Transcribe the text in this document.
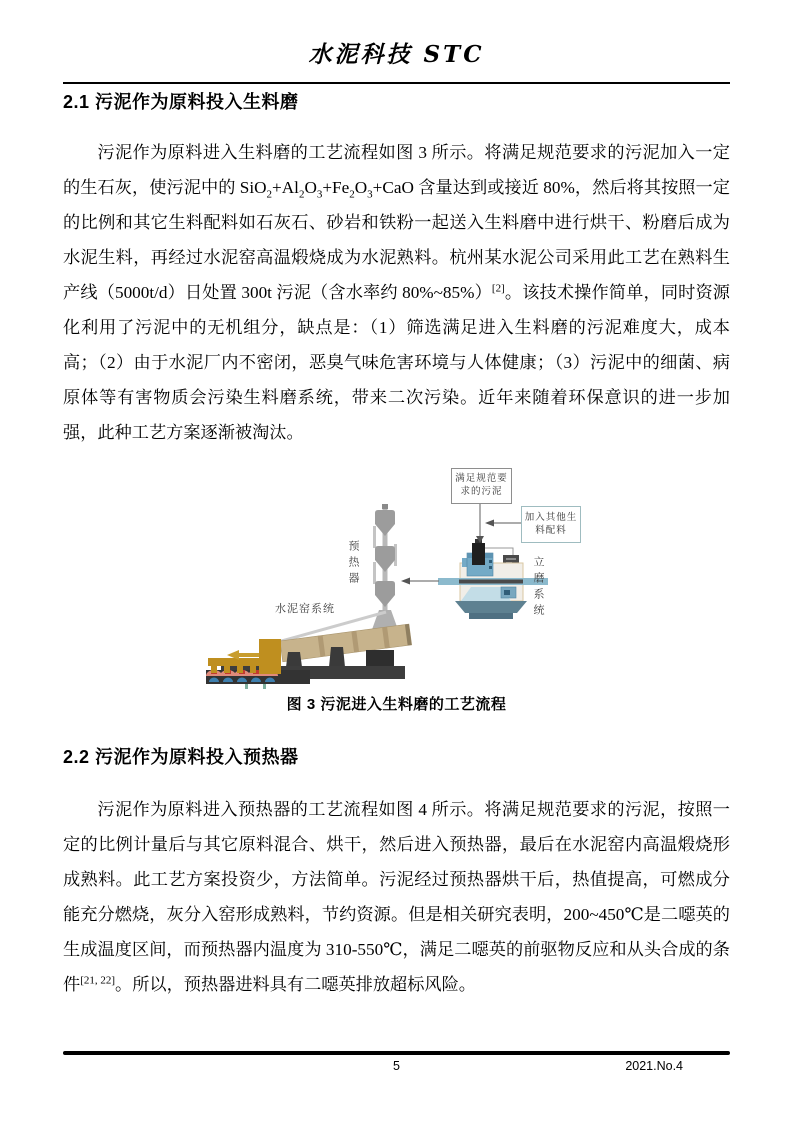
水泥科技 STC
2.1 污泥作为原料投入生料磨

污泥作为原料进入生料磨的工艺流程如图 3 所示。将满足规范要求的污泥加入一定的生石灰，使污泥中的 $SiO_2+Al_2O_3+Fe_2O_3+CaO$ 含量达到或接近 80%，然后将其按照一定的比例和其它生料配料如石灰石、砂岩和铁粉一起送入生料磨中进行烘干、粉磨后成为水泥生料，再经过水泥窑高温煅烧成为水泥熟料。杭州某水泥公司采用此工艺在熟料生产线（5000t/d）日处置 300t 污泥（含水率约 80%~85%）[2]。该技术操作简单，同时资源化利用了污泥中的无机组分，缺点是：（1）筛选满足进入生料磨的污泥难度大，成本高；（2）由于水泥厂内不密闭，恶臭气味危害环境与人体健康；（3）污泥中的细菌、病原体等有害物质会污染生料磨系统，带来二次污染。近年来随着环保意识的进一步加强，此种工艺方案逐渐被淘汰。

满足规范要
求的污泥
加入其他生
料配料
预热器	立磨系统
水泥窑系统
图 3 污泥进入生料磨的工艺流程
2.2 污泥作为原料投入预热器

污泥作为原料进入预热器的工艺流程如图 4 所示。将满足规范要求的污泥，按照一定的比例计量后与其它原料混合、烘干，然后进入预热器，最后在水泥窑内高温煅烧形成熟料。此工艺方案投资少，方法简单。污泥经过预热器烘干后，热值提高，可燃成分能充分燃烧，灰分入窑形成熟料，节约资源。但是相关研究表明，200~450℃是二噁英的生成温度区间，而预热器内温度为 310-550℃，满足二噁英的前驱物反应和从头合成的条件[21, 22]。所以，预热器进料具有二噁英排放超标风险。

5	2021.No.4
